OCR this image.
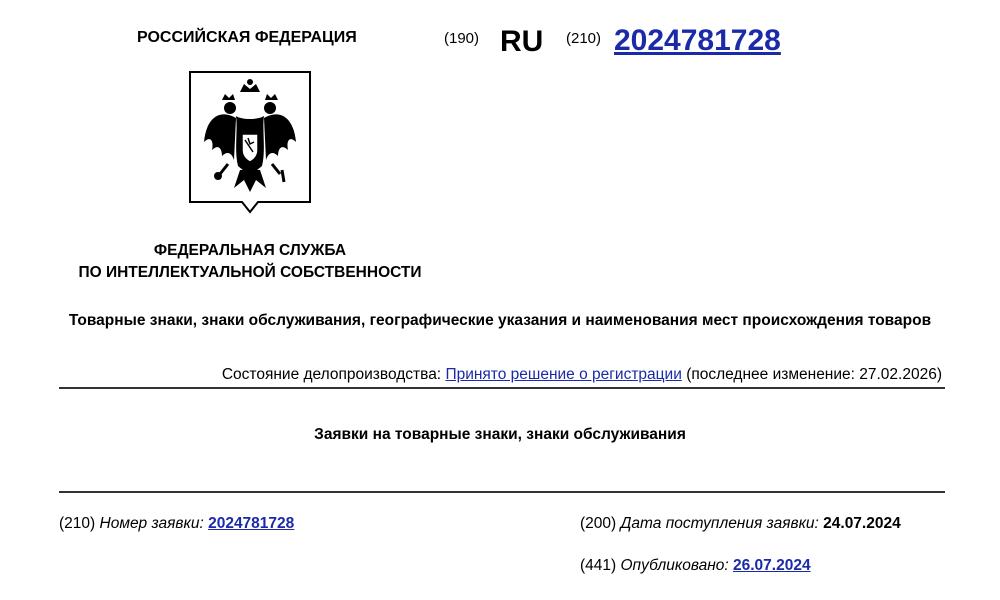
РОССИЙСКАЯ ФЕДЕРАЦИЯ	(190) RU (210) 2024781728
ФЕДЕРАЛЬНАЯ СЛУЖБА
ПО ИНТЕЛЛЕКТУАЛЬНОЙ СОБСТВЕННОСТИ
Товарные знаки, знаки обслуживания, географические указания и наименования мест происхождения товаров
Состояние делопроизводства: Принято решение о регистрации (последнее изменение: 27.02.2026)
Заявки на товарные знаки, знаки обслуживания
(210) Номер заявки: 2024781728	(200) Дата поступления заявки: 24.07.2024
(441) Опубликовано: 26.07.2024
